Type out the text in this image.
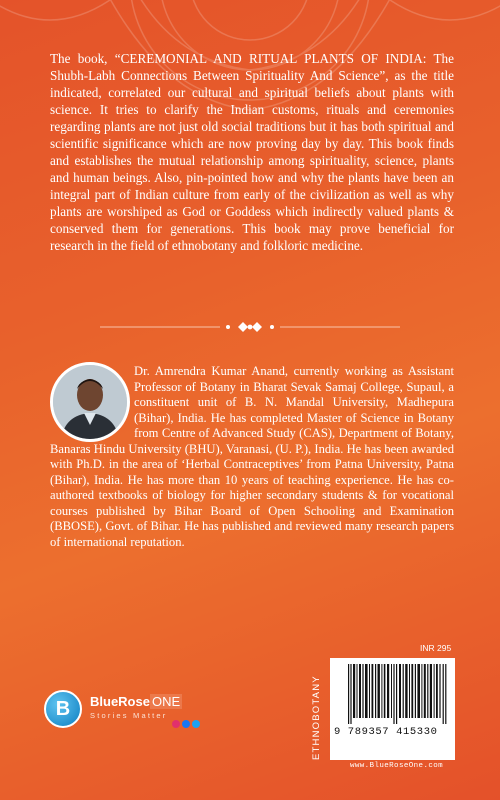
The book, “CEREMONIAL AND RITUAL PLANTS OF INDIA: The Shubh-Labh Connections Between Spirituality And Science”, as the title indicated, correlated our cultural and spiritual beliefs about plants with science. It tries to clarify the Indian customs, rituals and ceremonies regarding plants are not just old social traditions but it has both spiritual and scientific significance which are now proving day by day. This book finds and establishes the mutual relationship among spirituality, science, plants and human beings. Also, pin-pointed how and why the plants have been an integral part of Indian culture from early of the civilization as well as why plants are worshiped as God or Goddess which indirectly valued plants & conserved them for generations. This book may prove beneficial for research in the field of ethnobotany and folkloric medicine.

Dr. Amrendra Kumar Anand, currently working as Assistant Professor of Botany in Bharat Sevak Samaj College, Supaul, a constituent unit of B. N. Mandal University, Madhepura (Bihar), India. He has completed Master of Science in Botany from Centre of Advanced Study (CAS), Department of Botany, Banaras Hindu University (BHU), Varanasi, (U. P.), India. He has been awarded with Ph.D. in the area of ‘Herbal Contraceptives’ from Patna University, Patna (Bihar), India. He has more than 10 years of teaching experience. He has co-authored textbooks of biology for higher secondary students & for vocational courses published by Bihar Board of Open Schooling and Examination (BBOSE), Govt. of Bihar. He has published and reviewed many research papers of international reputation.

B	BlueRose ONE
Stories Matter	ETHNOBOTANY
INR 295
9 789357 415330
www.BlueRoseOne.com
